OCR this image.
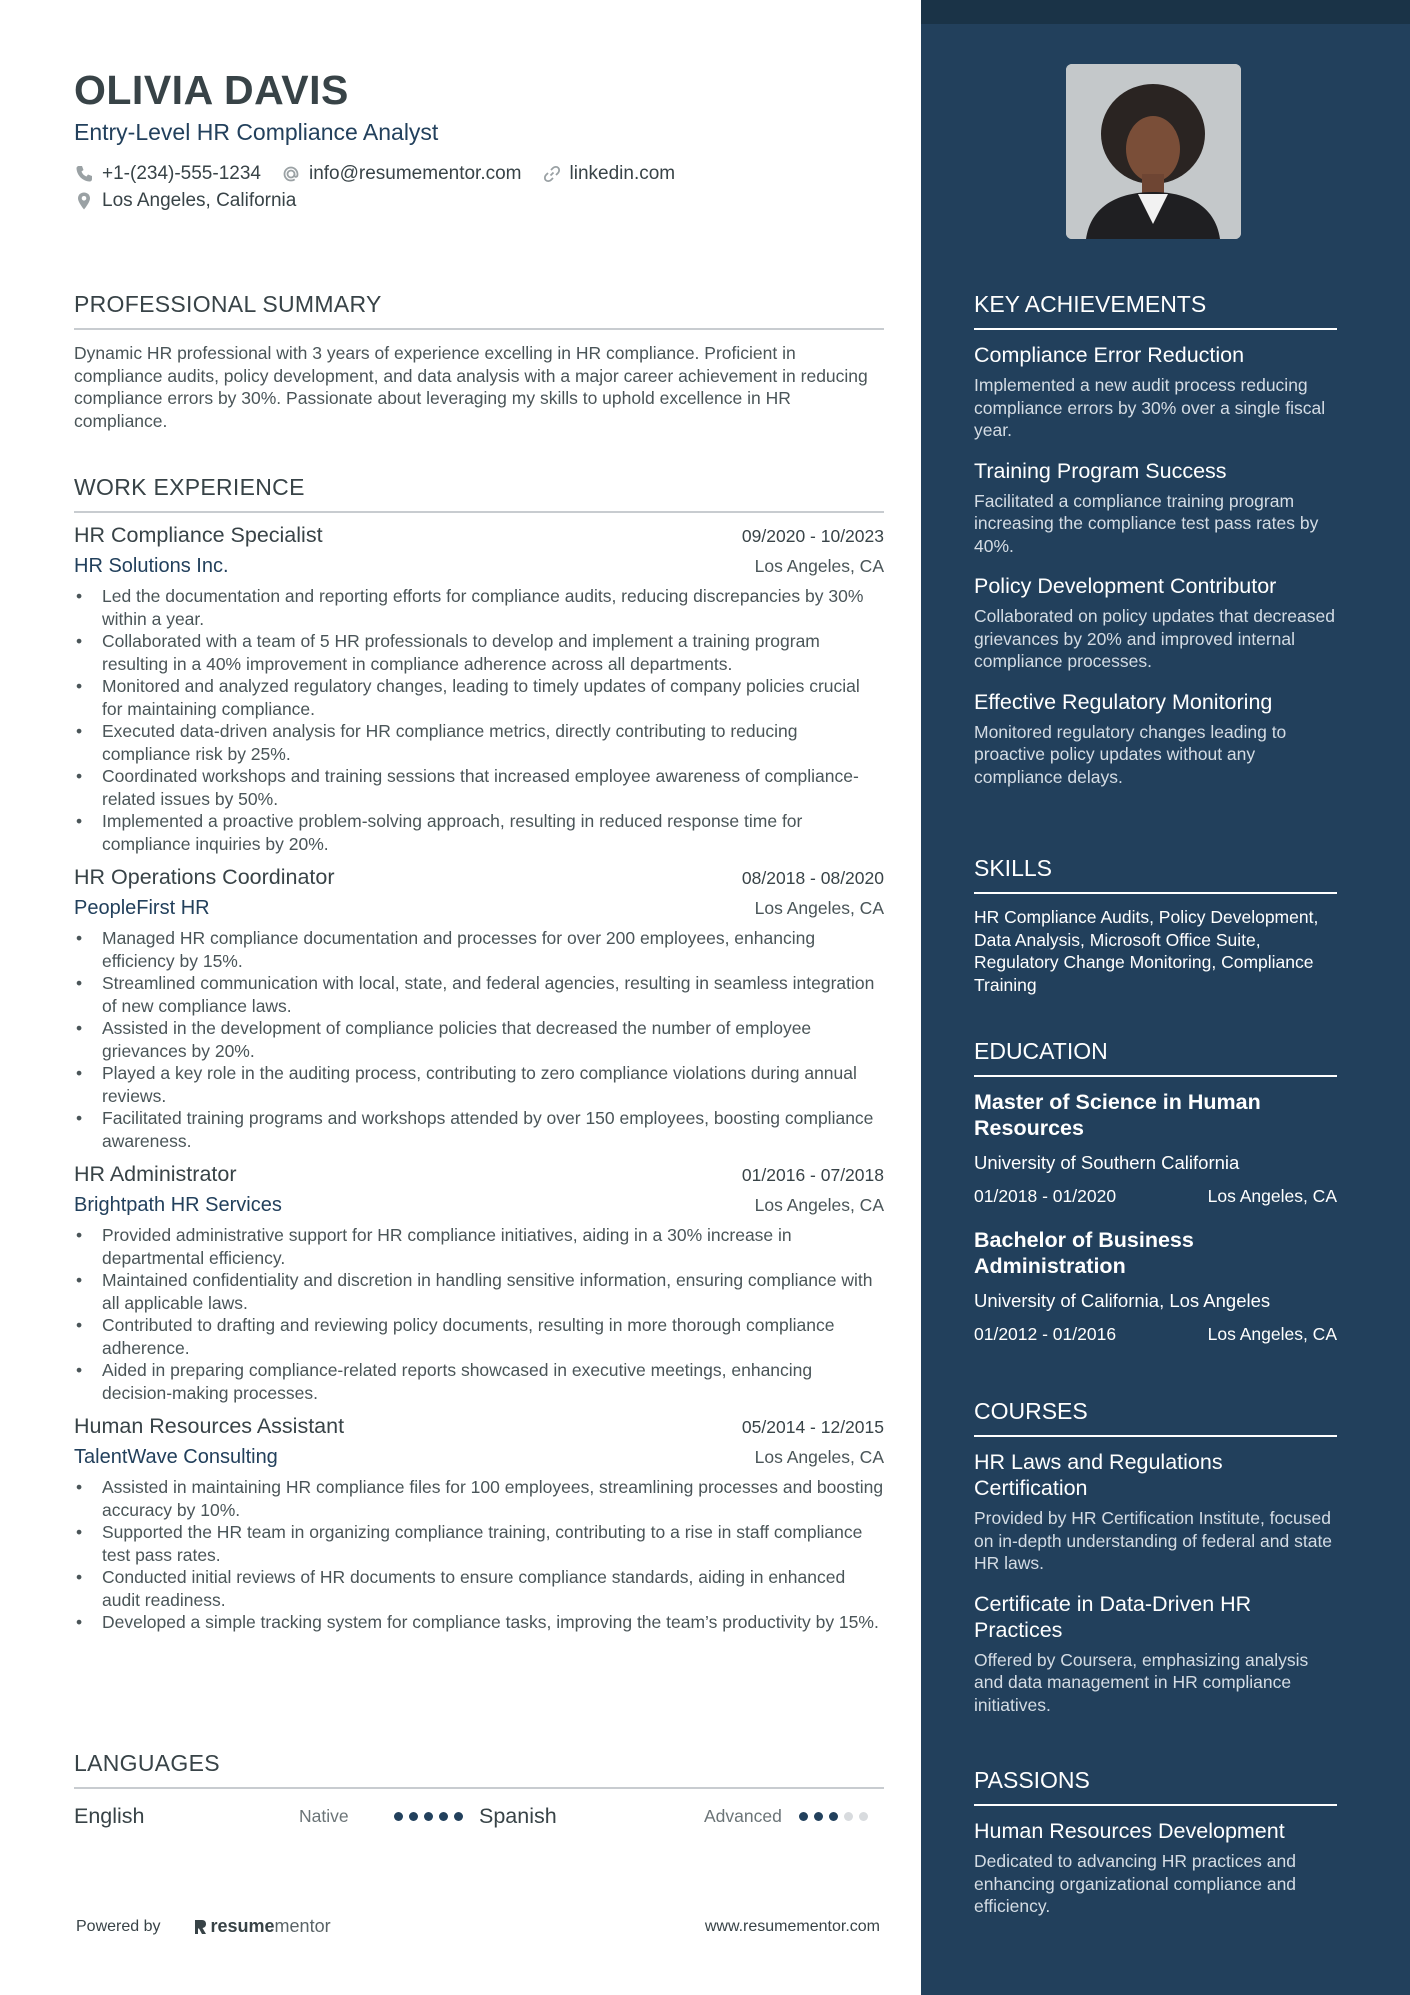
OLIVIA DAVIS
Entry-Level HR Compliance Analyst
+1-(234)-555-1234	info@resumementor.com	linkedin.com
Los Angeles, California
PROFESSIONAL SUMMARY
Dynamic HR professional with 3 years of experience excelling in HR compliance. Proficient in compliance audits, policy development, and data analysis with a major career achievement in reducing compliance errors by 30%. Passionate about leveraging my skills to uphold excellence in HR compliance.
WORK EXPERIENCE
HR Compliance Specialist	09/2020 - 10/2023
HR Solutions Inc.	Los Angeles, CA
• Led the documentation and reporting efforts for compliance audits, reducing discrepancies by 30% within a year.
• Collaborated with a team of 5 HR professionals to develop and implement a training program resulting in a 40% improvement in compliance adherence across all departments.
• Monitored and analyzed regulatory changes, leading to timely updates of company policies crucial for maintaining compliance.
• Executed data-driven analysis for HR compliance metrics, directly contributing to reducing compliance risk by 25%.
• Coordinated workshops and training sessions that increased employee awareness of compliance-related issues by 50%.
• Implemented a proactive problem-solving approach, resulting in reduced response time for compliance inquiries by 20%.
HR Operations Coordinator	08/2018 - 08/2020
PeopleFirst HR	Los Angeles, CA
• Managed HR compliance documentation and processes for over 200 employees, enhancing efficiency by 15%.
• Streamlined communication with local, state, and federal agencies, resulting in seamless integration of new compliance laws.
• Assisted in the development of compliance policies that decreased the number of employee grievances by 20%.
• Played a key role in the auditing process, contributing to zero compliance violations during annual reviews.
• Facilitated training programs and workshops attended by over 150 employees, boosting compliance awareness.
HR Administrator	01/2016 - 07/2018
Brightpath HR Services	Los Angeles, CA
• Provided administrative support for HR compliance initiatives, aiding in a 30% increase in departmental efficiency.
• Maintained confidentiality and discretion in handling sensitive information, ensuring compliance with all applicable laws.
• Contributed to drafting and reviewing policy documents, resulting in more thorough compliance adherence.
• Aided in preparing compliance-related reports showcased in executive meetings, enhancing decision-making processes.
Human Resources Assistant	05/2014 - 12/2015
TalentWave Consulting	Los Angeles, CA
• Assisted in maintaining HR compliance files for 100 employees, streamlining processes and boosting accuracy by 10%.
• Supported the HR team in organizing compliance training, contributing to a rise in staff compliance test pass rates.
• Conducted initial reviews of HR documents to ensure compliance standards, aiding in enhanced audit readiness.
• Developed a simple tracking system for compliance tasks, improving the team’s productivity by 15%.
LANGUAGES
English	Native	Spanish	Advanced
Powered by	resume mentor	www.resumementor.com
KEY ACHIEVEMENTS
Compliance Error Reduction
Implemented a new audit process reducing compliance errors by 30% over a single fiscal year.
Training Program Success
Facilitated a compliance training program increasing the compliance test pass rates by 40%.
Policy Development Contributor
Collaborated on policy updates that decreased grievances by 20% and improved internal compliance processes.
Effective Regulatory Monitoring
Monitored regulatory changes leading to proactive policy updates without any compliance delays.
SKILLS
HR Compliance Audits, Policy Development, Data Analysis, Microsoft Office Suite, Regulatory Change Monitoring, Compliance Training
EDUCATION
Master of Science in Human Resources
University of Southern California
01/2018 - 01/2020	Los Angeles, CA
Bachelor of Business Administration
University of California, Los Angeles
01/2012 - 01/2016	Los Angeles, CA
COURSES
HR Laws and Regulations Certification
Provided by HR Certification Institute, focused on in-depth understanding of federal and state HR laws.
Certificate in Data-Driven HR Practices
Offered by Coursera, emphasizing analysis and data management in HR compliance initiatives.
PASSIONS
Human Resources Development
Dedicated to advancing HR practices and enhancing organizational compliance and efficiency.
